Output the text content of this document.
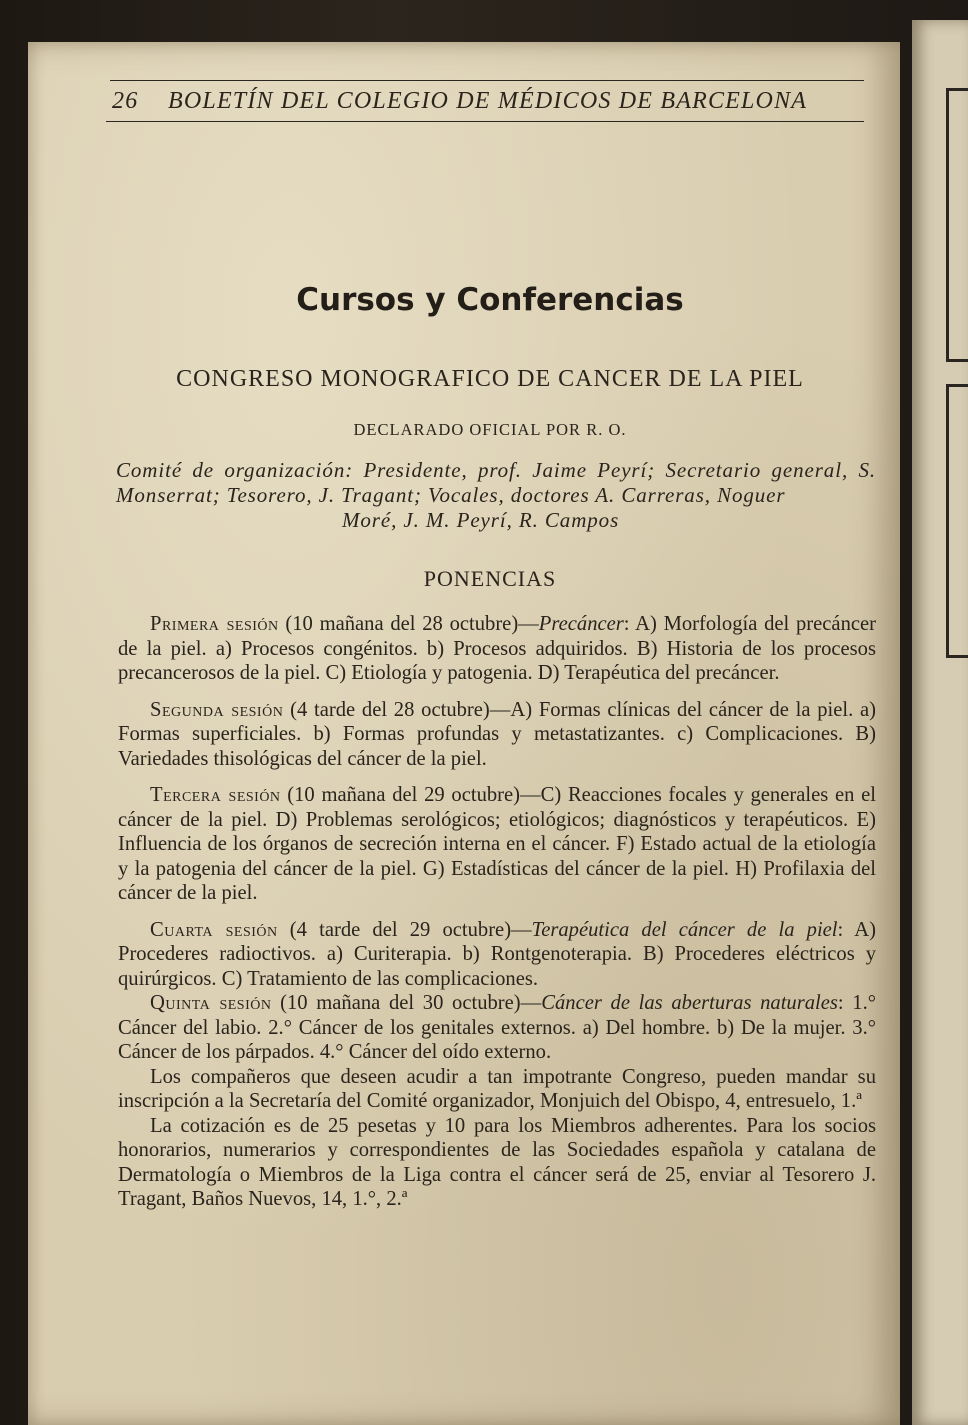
26 BOLETÍN DEL COLEGIO DE MÉDICOS DE BARCELONA
Cursos y Conferencias
CONGRESO MONOGRAFICO DE CANCER DE LA PIEL
DECLARADO OFICIAL POR R. O.
Comité de organización: Presidente, prof. Jaime Peyrí; Secretario general, S. Monserrat; Tesorero, J. Tragant; Vocales, doctores A. Carreras, Noguer
Moré, J. M. Peyrí, R. Campos
PONENCIAS

Primera sesión (10 mañana del 28 octubre)—Precáncer: A) Morfología del precáncer de la piel. a) Procesos congénitos. b) Procesos adquiridos. B) Historia de los procesos precancerosos de la piel. C) Etiología y patogenia. D) Terapéutica del precáncer.

Segunda sesión (4 tarde del 28 octubre)—A) Formas clínicas del cáncer de la piel. a) Formas superficiales. b) Formas profundas y metastatizantes. c) Complicaciones. B) Variedades thisológicas del cáncer de la piel.

Tercera sesión (10 mañana del 29 octubre)—C) Reacciones focales y generales en el cáncer de la piel. D) Problemas serológicos; etiológicos; diagnósticos y terapéuticos. E) Influencia de los órganos de secreción interna en el cáncer. F) Estado actual de la etiología y la patogenia del cáncer de la piel. G) Estadísticas del cáncer de la piel. H) Profilaxia del cáncer de la piel.

Cuarta sesión (4 tarde del 29 octubre)—Terapéutica del cáncer de la piel: A) Procederes radioctivos. a) Curiterapia. b) Rontgenoterapia. B) Procederes eléctricos y quirúrgicos. C) Tratamiento de las complicaciones.

Quinta sesión (10 mañana del 30 octubre)—Cáncer de las aberturas naturales: 1.° Cáncer del labio. 2.° Cáncer de los genitales externos. a) Del hombre. b) De la mujer. 3.° Cáncer de los párpados. 4.° Cáncer del oído externo.

Los compañeros que deseen acudir a tan impotrante Congreso, pueden mandar su inscripción a la Secretaría del Comité organizador, Monjuich del Obispo, 4, entresuelo, 1.ª

La cotización es de 25 pesetas y 10 para los Miembros adherentes. Para los socios honorarios, numerarios y correspondientes de las Sociedades española y catalana de Dermatología o Miembros de la Liga contra el cáncer será de 25, enviar al Tesorero J. Tragant, Baños Nuevos, 14, 1.°, 2.ª
